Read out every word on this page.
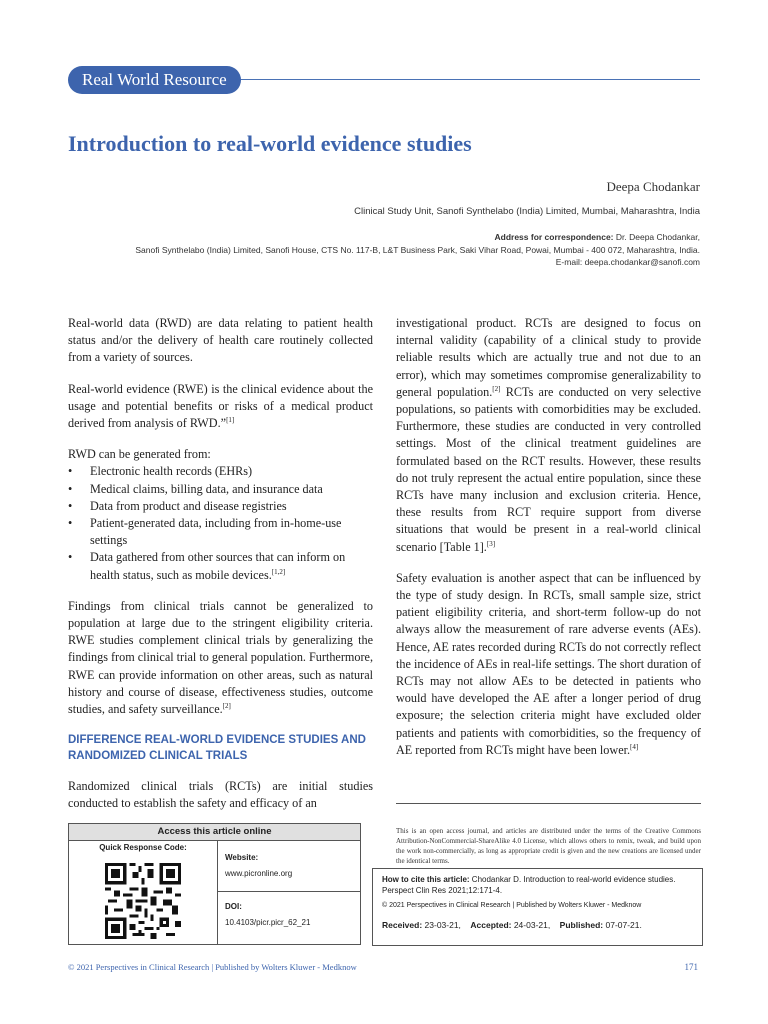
Real World Resource
Introduction to real-world evidence studies
Deepa Chodankar
Clinical Study Unit, Sanofi Synthelabo (India) Limited, Mumbai, Maharashtra, India
Address for correspondence: Dr. Deepa Chodankar,
Sanofi Synthelabo (India) Limited, Sanofi House, CTS No. 117-B, L&T Business Park, Saki Vihar Road, Powai, Mumbai - 400 072, Maharashtra, India.
E-mail: deepa.chodankar@sanofi.com

Real-world data (RWD) are data relating to patient health status and/or the delivery of health care routinely collected from a variety of sources.

Real-world evidence (RWE) is the clinical evidence about the usage and potential benefits or risks of a medical product derived from analysis of RWD.”[1]

RWD can be generated from:
• Electronic health records (EHRs)
• Medical claims, billing data, and insurance data
• Data from product and disease registries
• Patient-generated data, including from in-home-use settings
• Data gathered from other sources that can inform on health status, such as mobile devices.[1,2]

Findings from clinical trials cannot be generalized to population at large due to the stringent eligibility criteria. RWE studies complement clinical trials by generalizing the findings from clinical trial to general population. Furthermore, RWE can provide information on other areas, such as natural history and course of disease, effectiveness studies, outcome studies, and safety surveillance.[2]

DIFFERENCE REAL-WORLD EVIDENCE STUDIES AND RANDOMIZED CLINICAL TRIALS

Randomized clinical trials (RCTs) are initial studies conducted to establish the safety and efficacy of an

investigational product. RCTs are designed to focus on internal validity (capability of a clinical study to provide reliable results which are actually true and not due to an error), which may sometimes compromise generalizability to general population.[2] RCTs are conducted on very selective populations, so patients with comorbidities may be excluded. Furthermore, these studies are conducted in very controlled settings. Most of the clinical treatment guidelines are formulated based on the RCT results. However, these results do not truly represent the actual entire population, since these RCTs have many inclusion and exclusion criteria. Hence, these results from RCT require support from diverse situations that would be present in a real-world clinical scenario [Table 1].[3]

Safety evaluation is another aspect that can be influenced by the type of study design. In RCTs, small sample size, strict patient eligibility criteria, and short-term follow-up do not always allow the measurement of rare adverse events (AEs). Hence, AE rates recorded during RCTs do not correctly reflect the incidence of AEs in real-life settings. The short duration of RCTs may not allow AEs to be detected in patients who would have developed the AE after a longer period of drug exposure; the selection criteria might have excluded older patients and patients with comorbidities, so the frequency of AE reported from RCTs might have been lower.[4]

Access this article online
Quick Response Code:
Website:
www.picronline.org
DOI:
10.4103/picr.picr_62_21
This is an open access journal, and articles are distributed under the terms of the Creative Commons Attribution-NonCommercial-ShareAlike 4.0 License, which allows others to remix, tweak, and build upon the work non-commercially, as long as appropriate credit is given and the new creations are licensed under the identical terms.
How to cite this article: Chodankar D. Introduction to real-world evidence studies. Perspect Clin Res 2021;12:171-4.
© 2021 Perspectives in Clinical Research | Published by Wolters Kluwer - Medknow
Received: 23-03-21, Accepted: 24-03-21, Published: 07-07-21.
© 2021 Perspectives in Clinical Research | Published by Wolters Kluwer - Medknow	171
